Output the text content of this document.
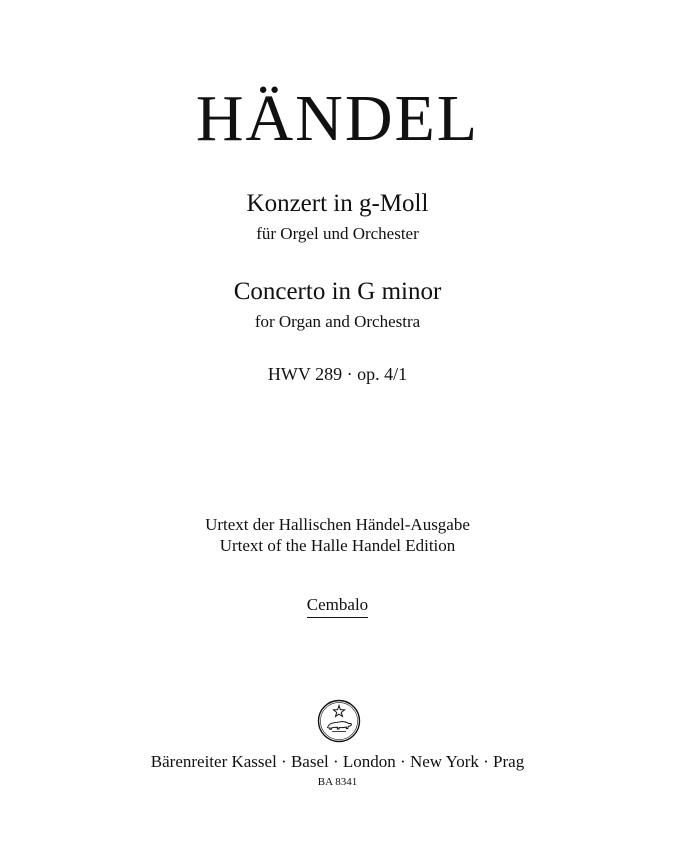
HÄNDEL
Konzert in g-Moll
für Orgel und Orchester
Concerto in G minor
for Organ and Orchestra
HWV 289 · op. 4/1
Urtext der Hallischen Händel-Ausgabe
Urtext of the Halle Handel Edition
Cembalo
Bärenreiter Kassel · Basel · London · New York · Prag
BA 8341
